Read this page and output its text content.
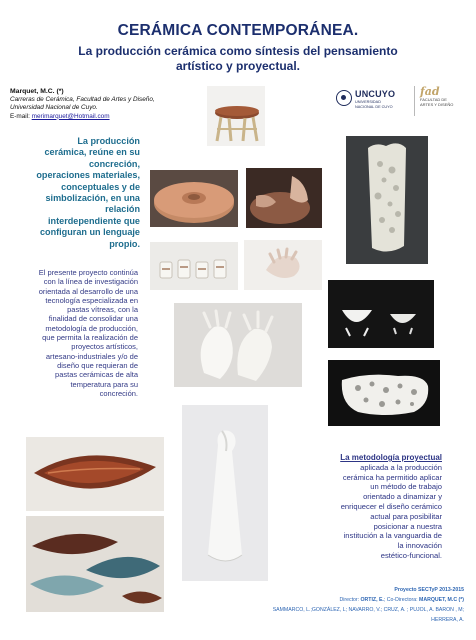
CERÁMICA CONTEMPORÁNEA.
La producción cerámica como síntesis del pensamiento
artístico y proyectual.
Marquet, M.C. (*)
Carreras de Cerámica, Facultad de Artes y Diseño,
Universidad Nacional de Cuyo.
E-mail: merimarquet@Hotmail.com
UNCUYO
UNIVERSIDAD
NACIONAL DE CUYO
fad
FACULTAD DE
ARTES Y DISEÑO
La producción
cerámica, reúne en su
concreción,
operaciones materiales,
conceptuales y de
simbolización, en una
relación
interdependiente que
configuran un lenguaje
propio.
El presente proyecto continúa
con la línea de investigación
orientada al desarrollo de una
tecnología especializada en
pastas vítreas, con la
finalidad de consolidar una
metodología de producción,
que permita la realización de
proyectos artísticos,
artesano-industriales y/o de
diseño que requieran de
pastas cerámicas de alta
temperatura para su
concreción.
La metodología proyectual
aplicada a la producción
cerámica ha permitido aplicar
un método de trabajo
orientado a dinamizar y
enriquecer el diseño cerámico
actual para posibilitar
posicionar a nuestra
institución a la vanguardia de
la innovación
estético-funcional.
Proyecto SECTyP 2013-2015
Director: ORTIZ, E.; Co-Directora: MARQUET, M.C (*)
SAMMARCO, L.;GONZÁLEZ, L; NAVARRO, V.; CRUZ, A. ; PUJOL, A. BARON , M;
HERRERA, A.
